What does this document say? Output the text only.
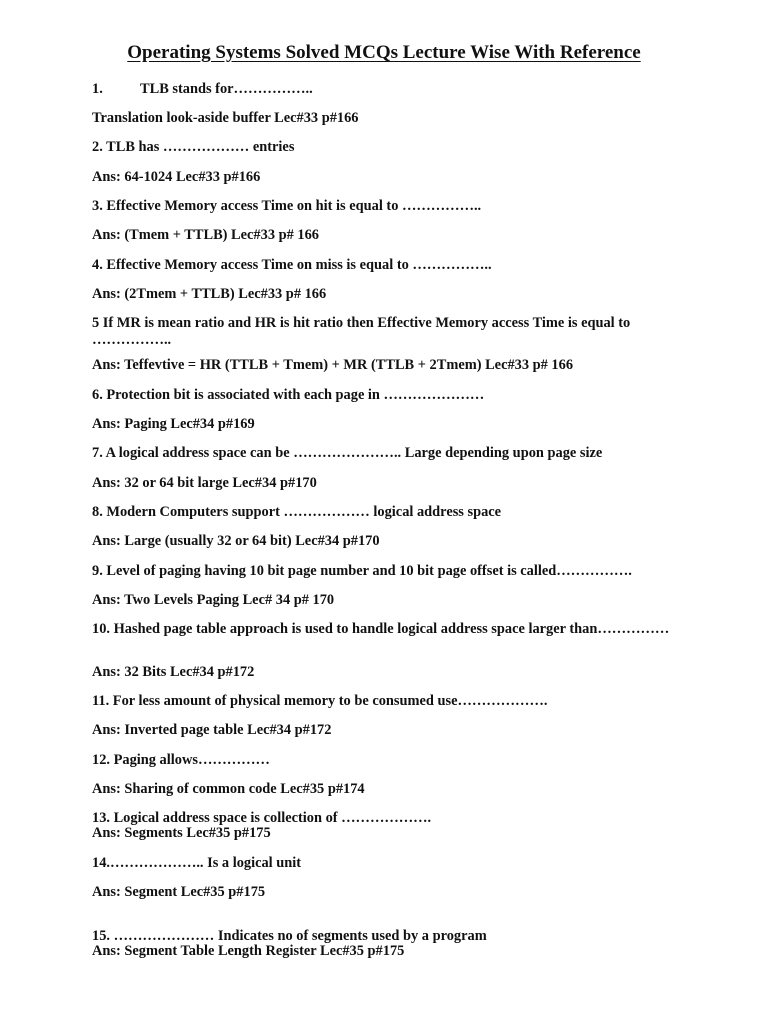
Operating Systems Solved MCQs Lecture Wise With Reference
1.	TLB stands for……………..
Translation look-aside buffer Lec#33 p#166
2. TLB has ……………… entries
Ans: 64-1024 Lec#33 p#166
3. Effective Memory access Time on hit is equal to ……………..
Ans: (Tmem + TTLB) Lec#33 p# 166
4. Effective Memory access Time on miss is equal to ……………..
Ans: (2Tmem + TTLB) Lec#33 p# 166
5 If MR is mean ratio and HR is hit ratio then Effective Memory access Time is equal to ……………..
Ans: Teffevtive = HR (TTLB + Tmem) + MR (TTLB + 2Tmem) Lec#33 p# 166
6. Protection bit is associated with each page in …………………
Ans: Paging Lec#34 p#169
7. A logical address space can be ………………….. Large depending upon page size
Ans: 32 or 64 bit large Lec#34 p#170
8. Modern Computers support ……………… logical address space
Ans: Large (usually 32 or 64 bit) Lec#34 p#170
9. Level of paging having 10 bit page number and 10 bit page offset is called…………….
Ans: Two Levels Paging Lec# 34 p# 170
10. Hashed page table approach is used to handle logical address space larger than……………
Ans: 32 Bits Lec#34 p#172
11. For less amount of physical memory to be consumed use……………….
Ans: Inverted page table Lec#34 p#172
12. Paging allows……………
Ans: Sharing of common code Lec#35 p#174
13. Logical address space is collection of ……………….
Ans: Segments Lec#35 p#175
14.……………….. Is a logical unit
Ans: Segment Lec#35 p#175
15. ………………… Indicates no of segments used by a program
Ans: Segment Table Length Register Lec#35 p#175
